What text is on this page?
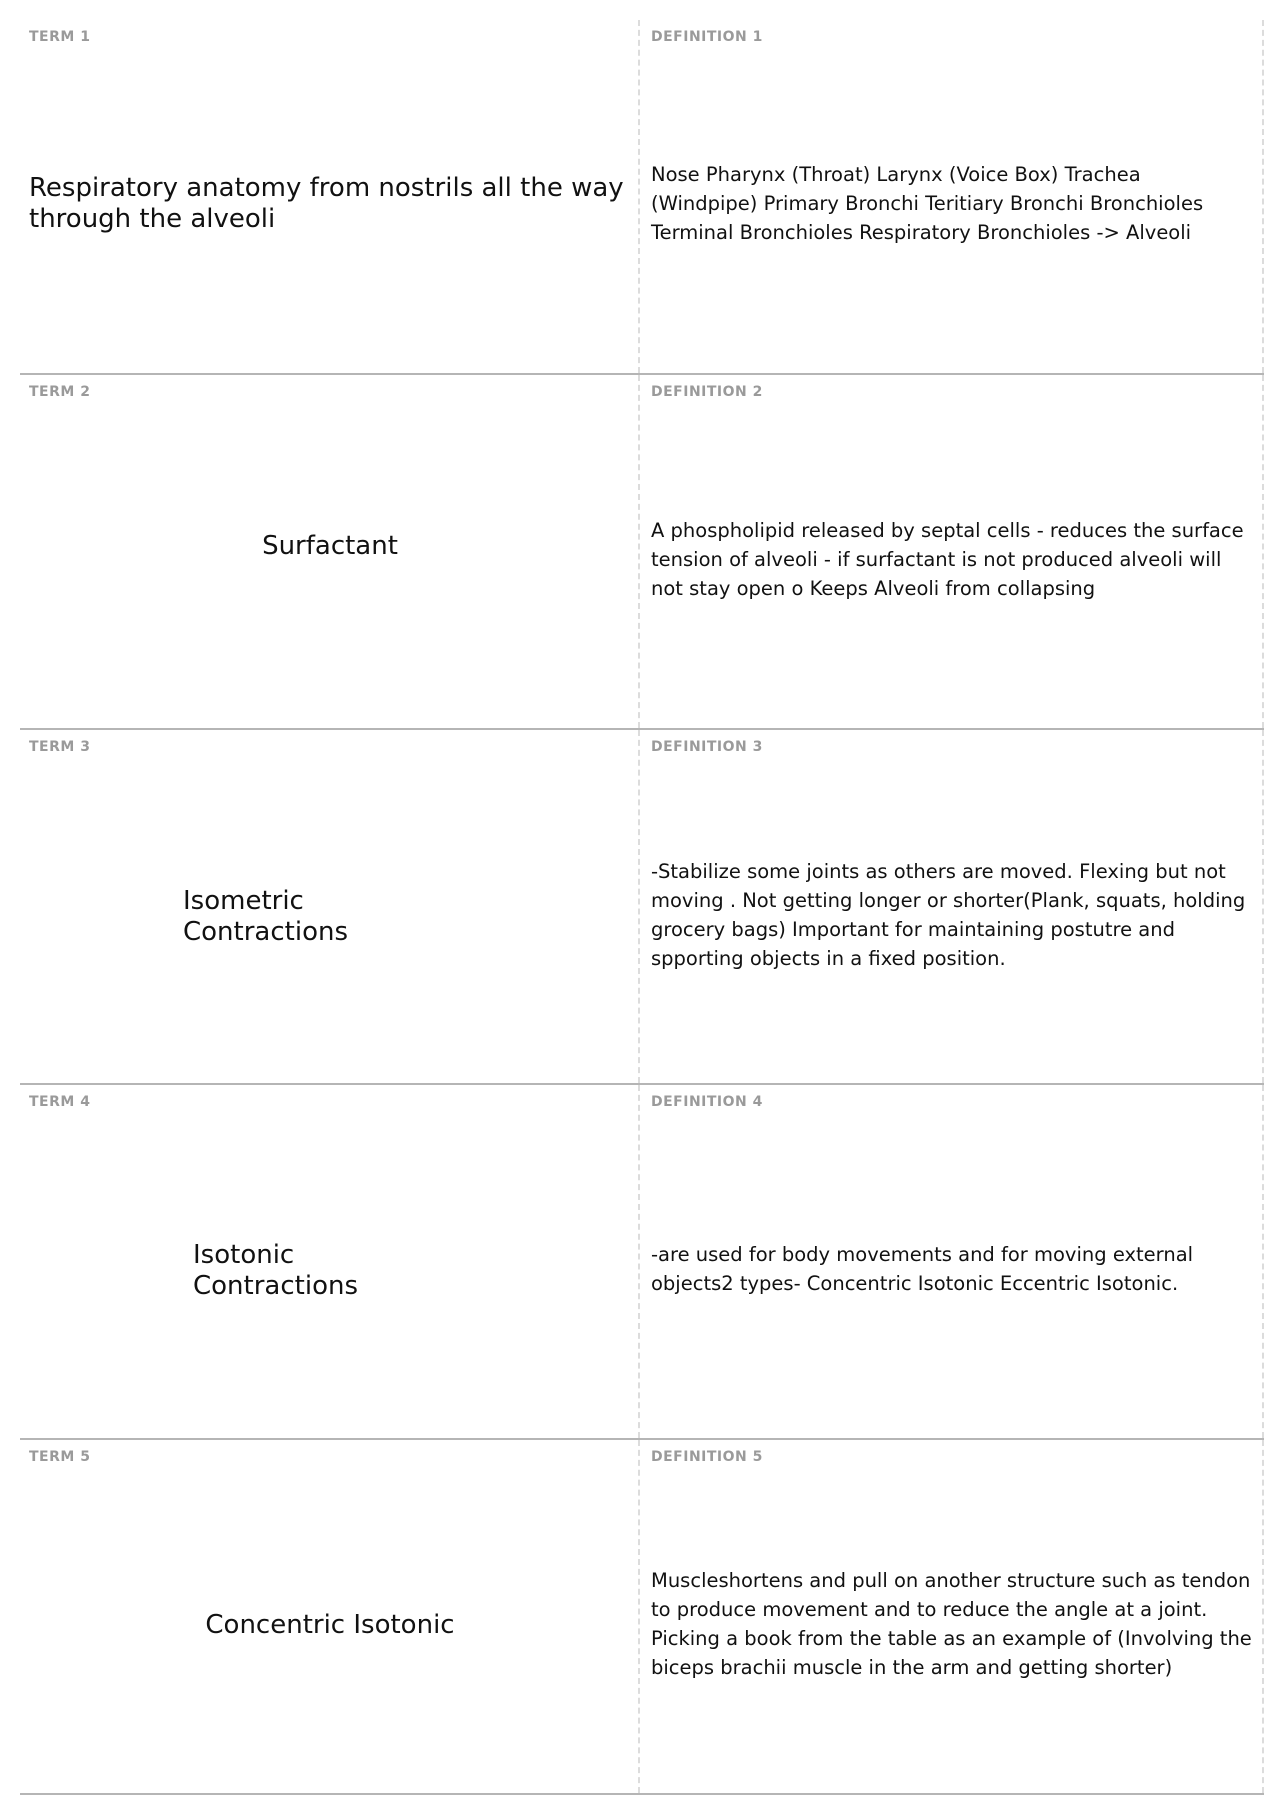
TERM 1
Respiratory anatomy from nostrils all the way through the alveoli
DEFINITION 1
Nose Pharynx (Throat) Larynx (Voice Box) Trachea (Windpipe) Primary Bronchi Teritiary Bronchi Bronchioles Terminal Bronchioles Respiratory Bronchioles -> Alveoli
TERM 2
Surfactant
DEFINITION 2
A phospholipid released by septal cells - reduces the surface tension of alveoli - if surfactant is not produced alveoli will not stay open o Keeps Alveoli from collapsing
TERM 3
Isometric Contractions
DEFINITION 3
-Stabilize some joints as others are moved. Flexing but not moving . Not getting longer or shorter(Plank, squats, holding grocery bags) Important for maintaining postutre and spporting objects in a fixed position.
TERM 4
Isotonic Contractions
DEFINITION 4
-are used for body movements and for moving external objects2 types- Concentric Isotonic Eccentric Isotonic.
TERM 5
Concentric Isotonic
DEFINITION 5
Muscleshortens and pull on another structure such as tendon to produce movement and to reduce the angle at a joint. Picking a book from the table as an example of (Involving the biceps brachii muscle in the arm and getting shorter)
